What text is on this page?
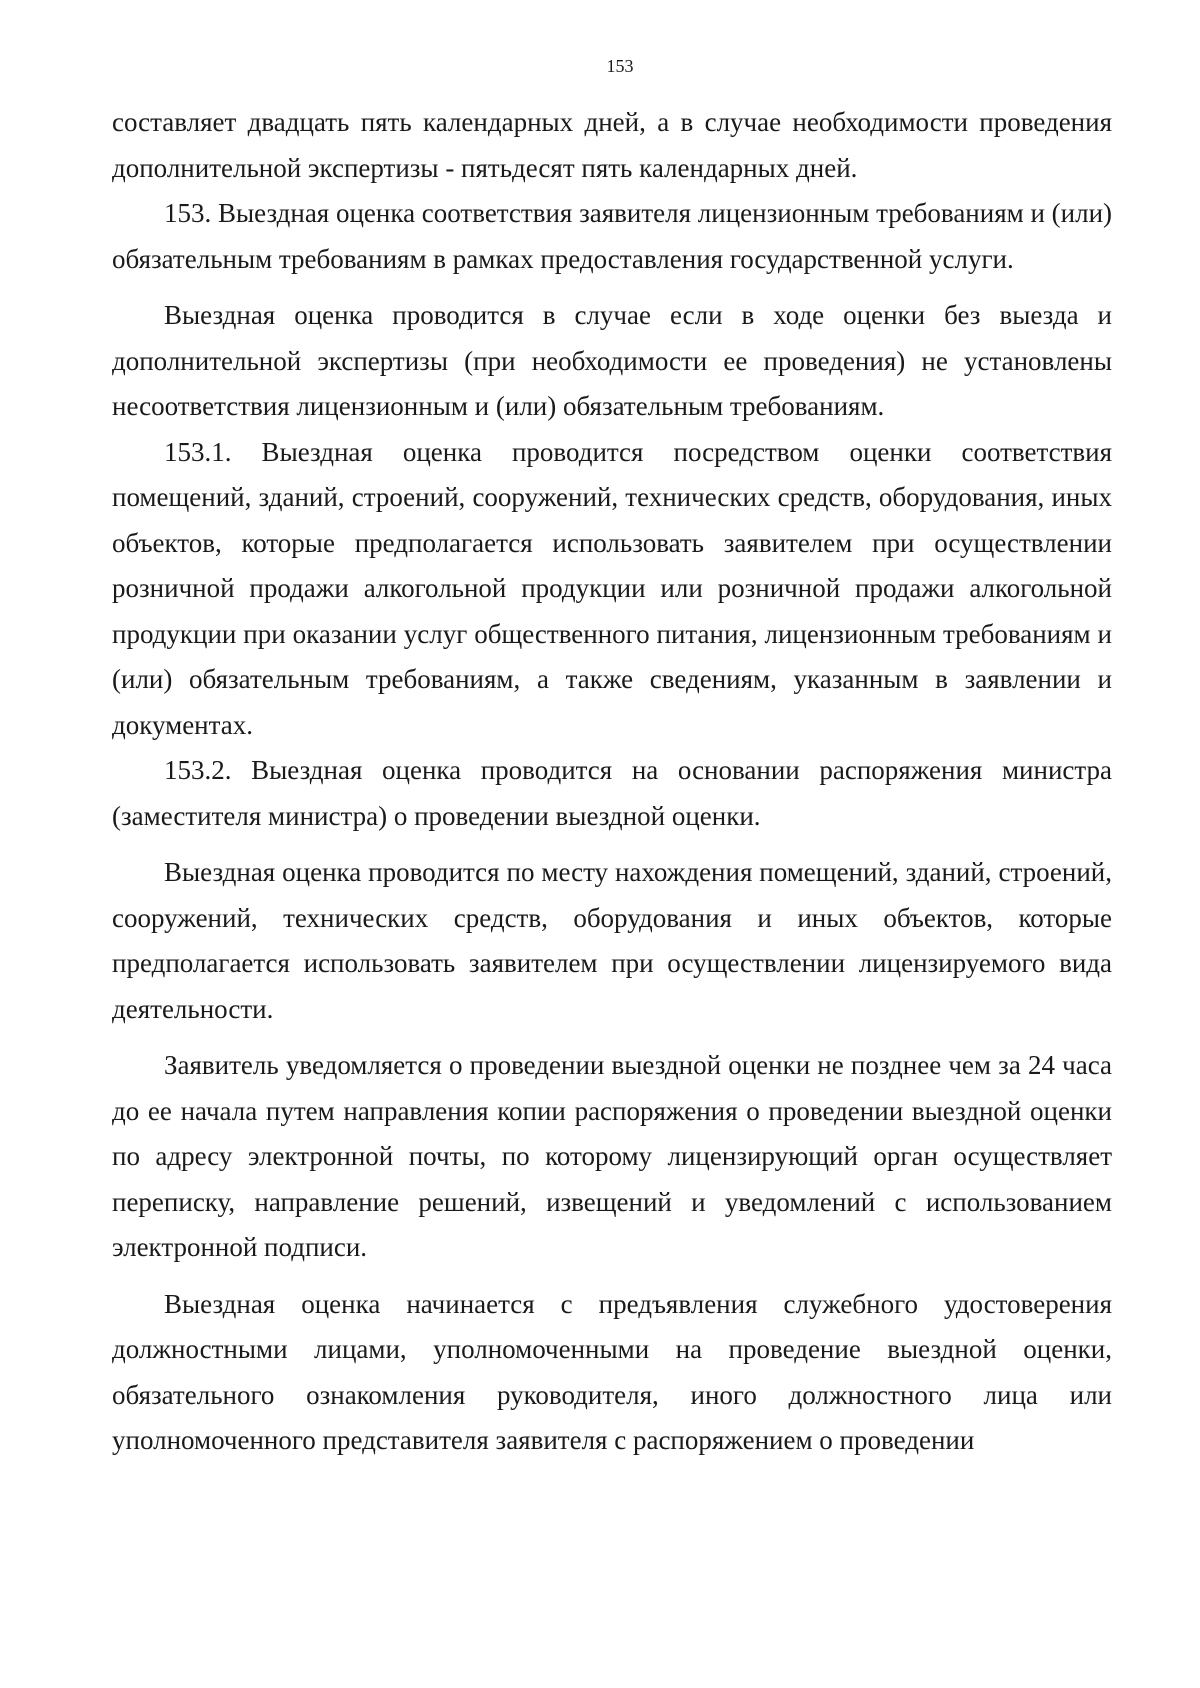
153

составляет двадцать пять календарных дней, а в случае необходимости проведения дополнительной экспертизы - пятьдесят пять календарных дней.

153. Выездная оценка соответствия заявителя лицензионным требованиям и (или) обязательным требованиям в рамках предоставления государственной услуги.

Выездная оценка проводится в случае если в ходе оценки без выезда и дополнительной экспертизы (при необходимости ее проведения) не установлены несоответствия лицензионным и (или) обязательным требованиям.

153.1. Выездная оценка проводится посредством оценки соответствия помещений, зданий, строений, сооружений, технических средств, оборудования, иных объектов, которые предполагается использовать заявителем при осуществлении розничной продажи алкогольной продукции или розничной продажи алкогольной продукции при оказании услуг общественного питания, лицензионным требованиям и (или) обязательным требованиям, а также сведениям, указанным в заявлении и документах.

153.2. Выездная оценка проводится на основании распоряжения министра (заместителя министра) о проведении выездной оценки.

Выездная оценка проводится по месту нахождения помещений, зданий, строений, сооружений, технических средств, оборудования и иных объектов, которые предполагается использовать заявителем при осуществлении лицензируемого вида деятельности.

Заявитель уведомляется о проведении выездной оценки не позднее чем за 24 часа до ее начала путем направления копии распоряжения о проведении выездной оценки по адресу электронной почты, по которому лицензирующий орган осуществляет переписку, направление решений, извещений и уведомлений с использованием электронной подписи.

Выездная оценка начинается с предъявления служебного удостоверения должностными лицами, уполномоченными на проведение выездной оценки, обязательного ознакомления руководителя, иного должностного лица или уполномоченного представителя заявителя с распоряжением о проведении
